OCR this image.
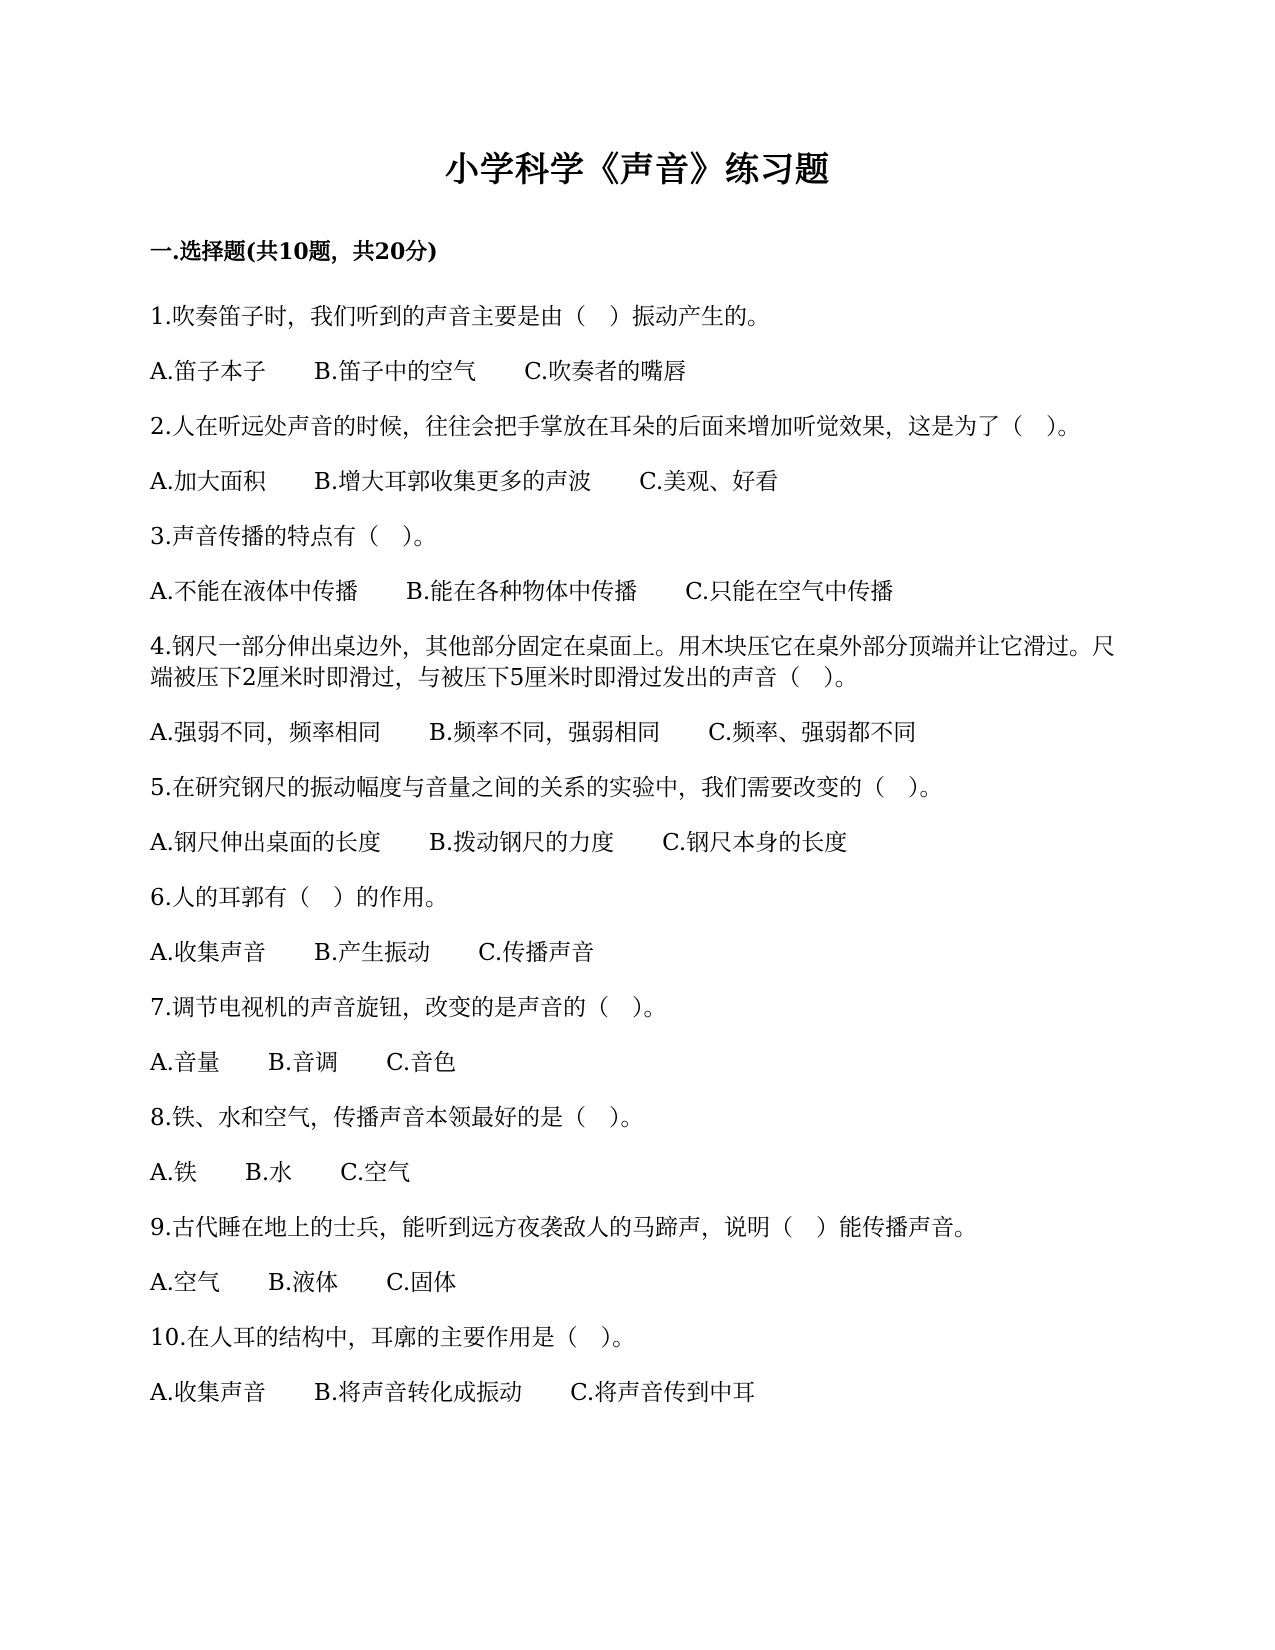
小学科学《声音》练习题
一.选择题(共10题，共20分)

1.吹奏笛子时，我们听到的声音主要是由（　）振动产生的。

A.笛子本子 B.笛子中的空气 C.吹奏者的嘴唇

2.人在听远处声音的时候，往往会把手掌放在耳朵的后面来增加听觉效果，这是为了（　）。

A.加大面积 B.增大耳郭收集更多的声波 C.美观、好看

3.声音传播的特点有（　）。

A.不能在液体中传播 B.能在各种物体中传播 C.只能在空气中传播

4.钢尺一部分伸出桌边外，其他部分固定在桌面上。用木块压它在桌外部分顶端并让它滑过。尺端被压下2厘米时即滑过，与被压下5厘米时即滑过发出的声音（　）。

A.强弱不同，频率相同 B.频率不同，强弱相同 C.频率、强弱都不同

5.在研究钢尺的振动幅度与音量之间的关系的实验中，我们需要改变的（　）。

A.钢尺伸出桌面的长度 B.拨动钢尺的力度 C.钢尺本身的长度

6.人的耳郭有（　）的作用。

A.收集声音 B.产生振动 C.传播声音

7.调节电视机的声音旋钮，改变的是声音的（　）。

A.音量 B.音调 C.音色

8.铁、水和空气，传播声音本领最好的是（　）。

A.铁 B.水 C.空气

9.古代睡在地上的士兵，能听到远方夜袭敌人的马蹄声，说明（　）能传播声音。

A.空气 B.液体 C.固体

10.在人耳的结构中，耳廓的主要作用是（　）。

A.收集声音 B.将声音转化成振动 C.将声音传到中耳
